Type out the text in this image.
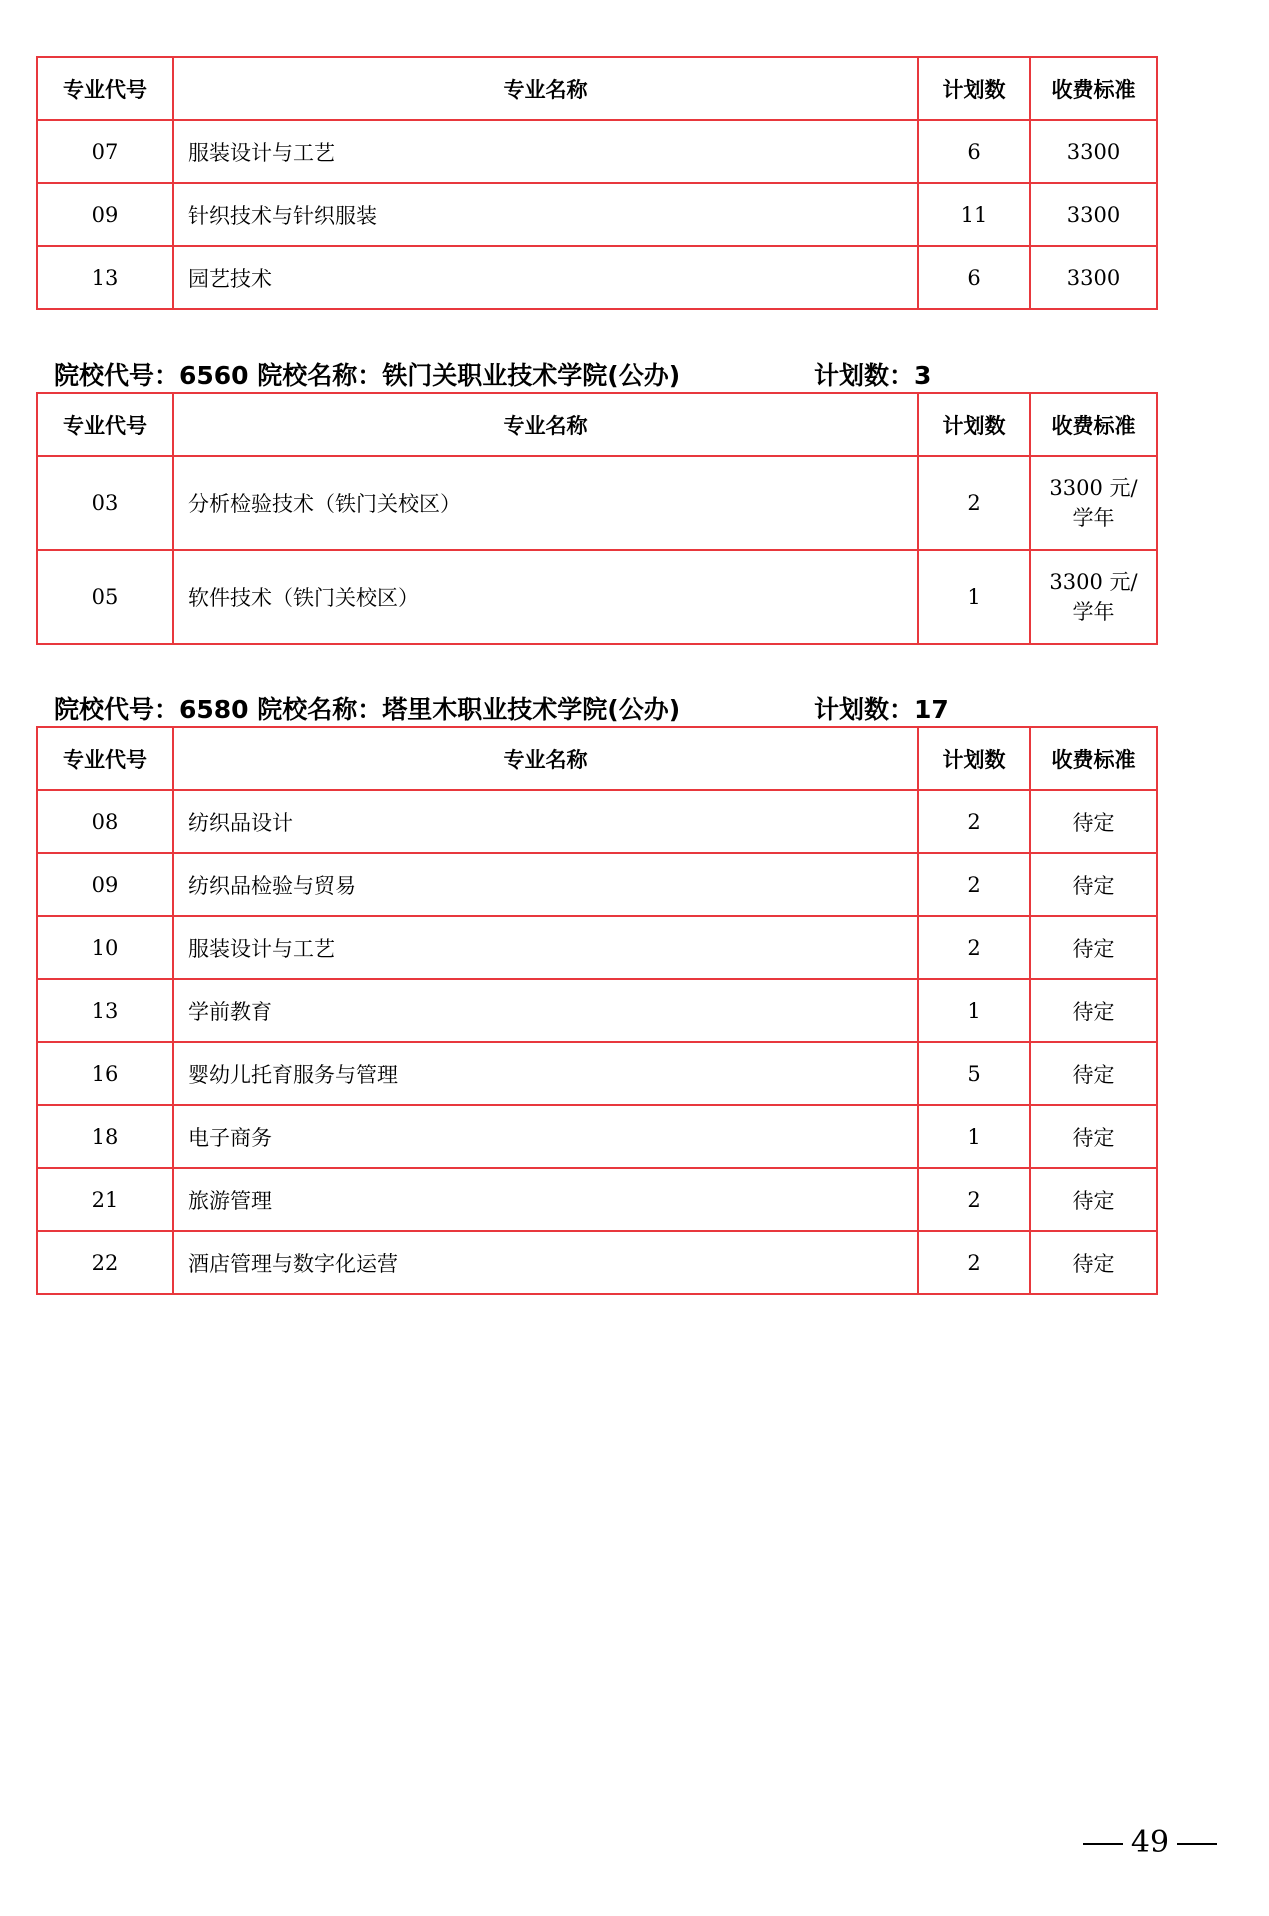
专业代号	专业名称	计划数	收费标准
07	服装设计与工艺	6	3300
09	针织技术与针织服装	11	3300
13	园艺技术	6	3300
院校代号：6560 院校名称：铁门关职业技术学院(公办)	计划数：3
专业代号	专业名称	计划数	收费标准
03	分析检验技术（铁门关校区）	2	3300 元/
学年

05	软件技术（铁门关校区）	1	3300 元/
学年
院校代号：6580 院校名称：塔里木职业技术学院(公办)	计划数：17
专业代号	专业名称	计划数	收费标准
08	纺织品设计	2	待定
09	纺织品检验与贸易	2	待定
10	服装设计与工艺	2	待定
13	学前教育	1	待定
16	婴幼儿托育服务与管理	5	待定
18	电子商务	1	待定
21	旅游管理	2	待定
22	酒店管理与数字化运营	2	待定
49
